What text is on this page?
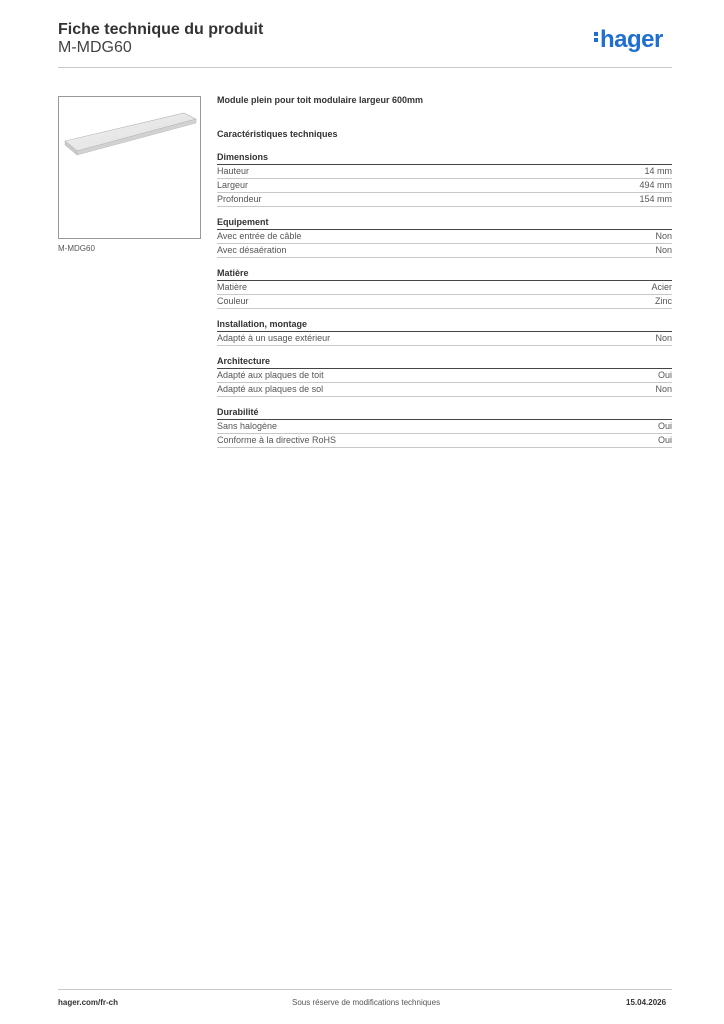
Fiche technique du produit
M-MDG60	hager
M-MDG60
Module plein pour toit modulaire largeur 600mm
Caractéristiques techniques
Dimensions
Hauteur	14 mm
Largeur	494 mm
Profondeur	154 mm
Equipement
Avec entrée de câble	Non
Avec désaération	Non
Matière
Matière	Acier
Couleur	Zinc
Installation, montage
Adapté à un usage extérieur	Non
Architecture
Adapté aux plaques de toit	Oui
Adapté aux plaques de sol	Non
Durabilité
Sans halogène	Oui
Conforme à la directive RoHS	Oui
hager.com/fr-ch	Sous réserve de modifications techniques	15.04.2026
